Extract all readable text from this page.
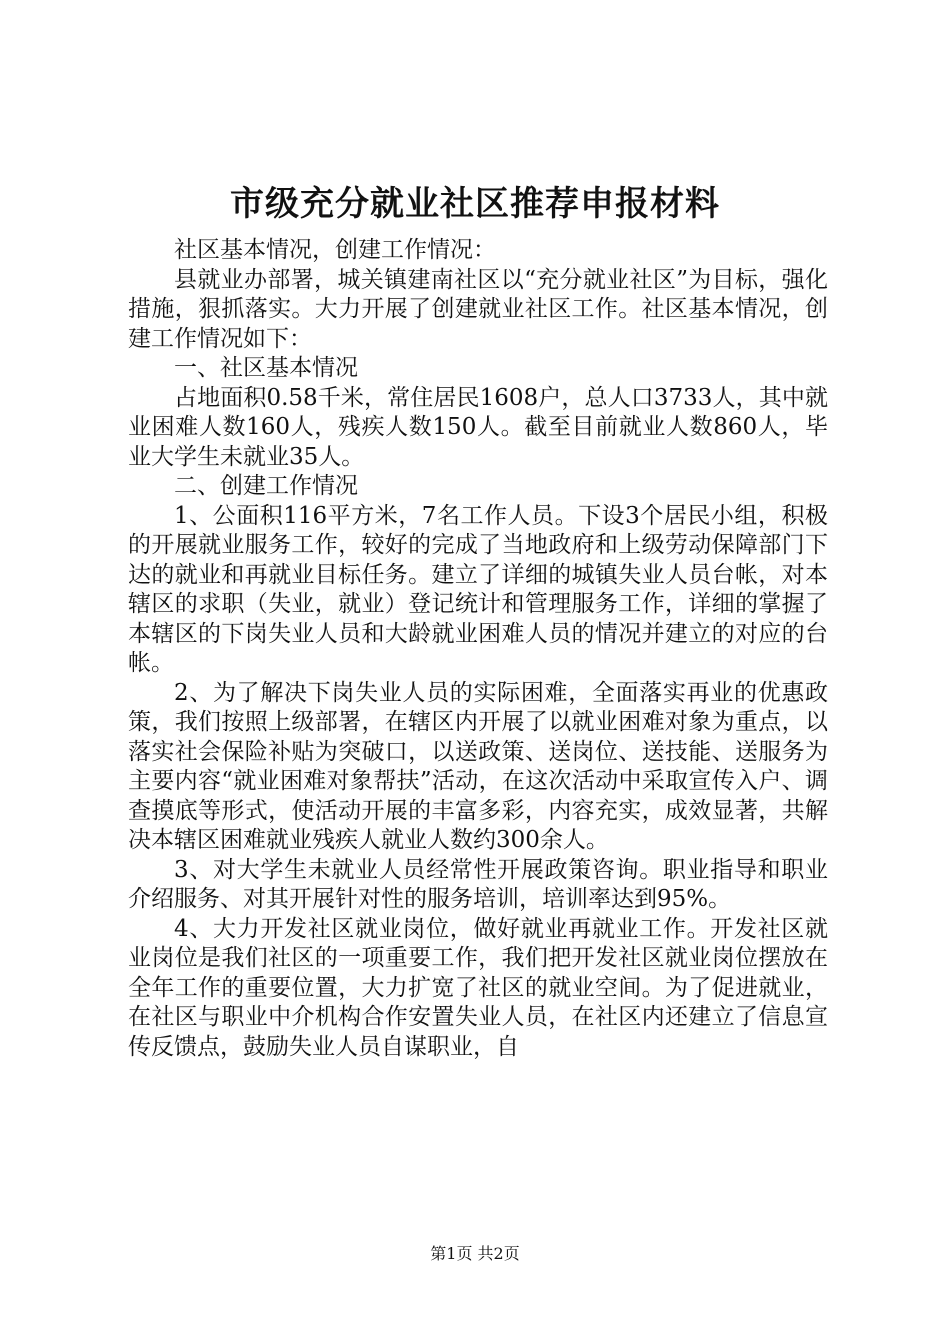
市级充分就业社区推荐申报材料

社区基本情况，创建工作情况：

县就业办部署，城关镇建南社区以“充分就业社区”为目标，强化措施，狠抓落实。大力开展了创建就业社区工作。社区基本情况，创建工作情况如下：

一、社区基本情况

占地面积0.58千米，常住居民1608户，总人口3733人，其中就业困难人数160人，残疾人数150人。截至目前就业人数860人，毕业大学生未就业35人。

二、创建工作情况

1、公面积116平方米，7名工作人员。下设3个居民小组，积极的开展就业服务工作，较好的完成了当地政府和上级劳动保障部门下达的就业和再就业目标任务。建立了详细的城镇失业人员台帐，对本辖区的求职（失业，就业）登记统计和管理服务工作，详细的掌握了本辖区的下岗失业人员和大龄就业困难人员的情况并建立的对应的台帐。

2、为了解决下岗失业人员的实际困难，全面落实再业的优惠政策，我们按照上级部署，在辖区内开展了以就业困难对象为重点，以落实社会保险补贴为突破口，以送政策、送岗位、送技能、送服务为主要内容“就业困难对象帮扶”活动，在这次活动中采取宣传入户、调查摸底等形式，使活动开展的丰富多彩，内容充实，成效显著，共解决本辖区困难就业残疾人就业人数约300余人。

3、对大学生未就业人员经常性开展政策咨询。职业指导和职业介绍服务、对其开展针对性的服务培训，培训率达到95%。

4、大力开发社区就业岗位，做好就业再就业工作。开发社区就业岗位是我们社区的一项重要工作，我们把开发社区就业岗位摆放在全年工作的重要位置，大力扩宽了社区的就业空间。为了促进就业，在社区与职业中介机构合作安置失业人员，在社区内还建立了信息宣传反馈点，鼓励失业人员自谋职业，自

第1页 共2页
